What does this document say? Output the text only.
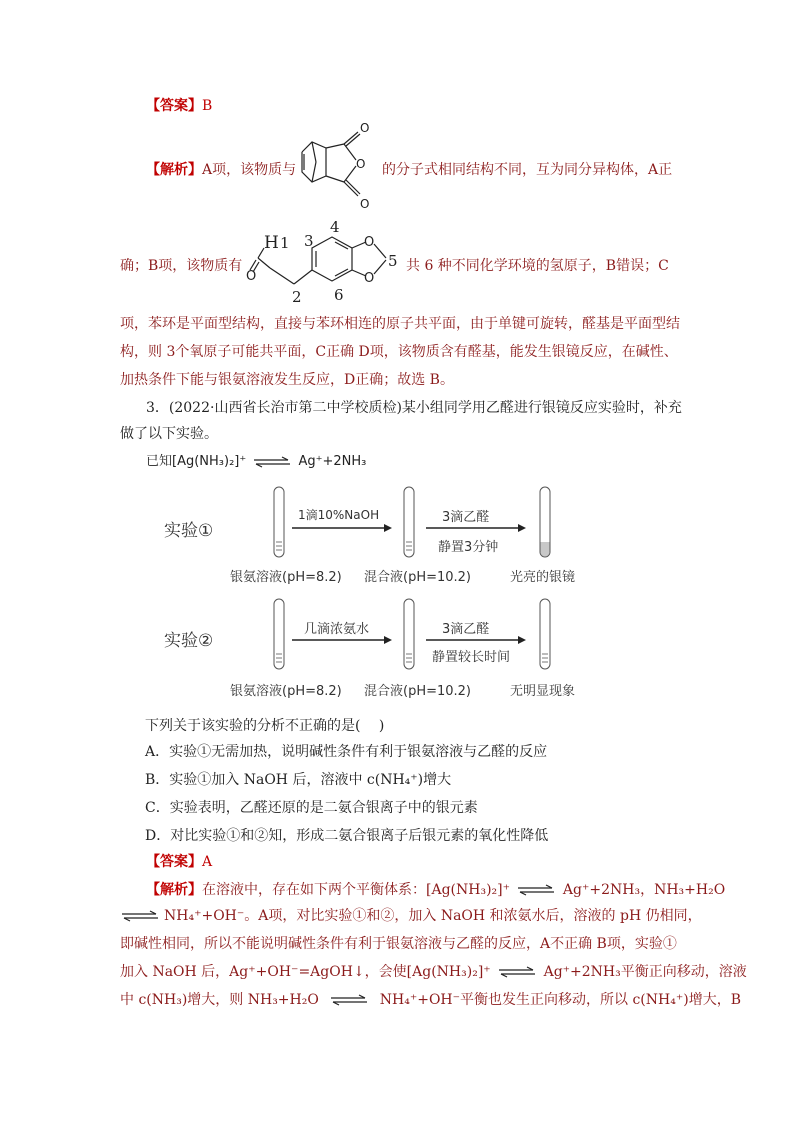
【答案】B
【解析】A项，该物质与
O
O
O
的分子式相同结构不同，互为同分异构体，A正
确；B项，该物质有
H 1
2
3
4
5
6
O
O
O
共 6 种不同化学环境的氢原子，B错误；C
项，苯环是平面型结构，直接与苯环相连的原子共平面，由于单键可旋转，醛基是平面型结
构，则 3个氧原子可能共平面，C正确 D项，该物质含有醛基，能发生银镜反应，在碱性、
加热条件下能与银氨溶液发生反应，D正确；故选 B。
3．(2022·山西省长治市第二中学校质检)某小组同学用乙醛进行银镜反应实验时，补充
做了以下实验。
已知[Ag(NH₃)₂]⁺ ⇌ Ag⁺+2NH₃
实验①
1滴10%NaOH	3滴乙醛
静置3分钟
银氨溶液(pH=8.2) 混合液(pH=10.2)	光亮的银镜
实验②
几滴浓氨水	3滴乙醛
静置较长时间
银氨溶液(pH=8.2) 混合液(pH=10.2)	无明显现象
下列关于该实验的分析不正确的是(　 )
A．实验①无需加热，说明碱性条件有利于银氨溶液与乙醛的反应
B．实验①加入 NaOH 后，溶液中 c(NH₄⁺)增大
C．实验表明，乙醛还原的是二氨合银离子中的银元素
D．对比实验①和②知，形成二氨合银离子后银元素的氧化性降低
【答案】A
【解析】在溶液中，存在如下两个平衡体系：[Ag(NH₃)₂]⁺ ⇌ Ag⁺+2NH₃，NH₃+H₂O
⇌ NH₄⁺+OH⁻。A项，对比实验①和②，加入 NaOH 和浓氨水后，溶液的 pH 仍相同，
即碱性相同，所以不能说明碱性条件有利于银氨溶液与乙醛的反应，A不正确 B项，实验①
加入 NaOH 后，Ag⁺+OH⁻=AgOH↓，会使[Ag(NH₃)₂]⁺ ⇌ Ag⁺+2NH₃平衡正向移动，溶液
中 c(NH₃)增大，则 NH₃+H₂O ⇌ NH₄⁺+OH⁻平衡也发生正向移动，所以 c(NH₄⁺)增大，B
